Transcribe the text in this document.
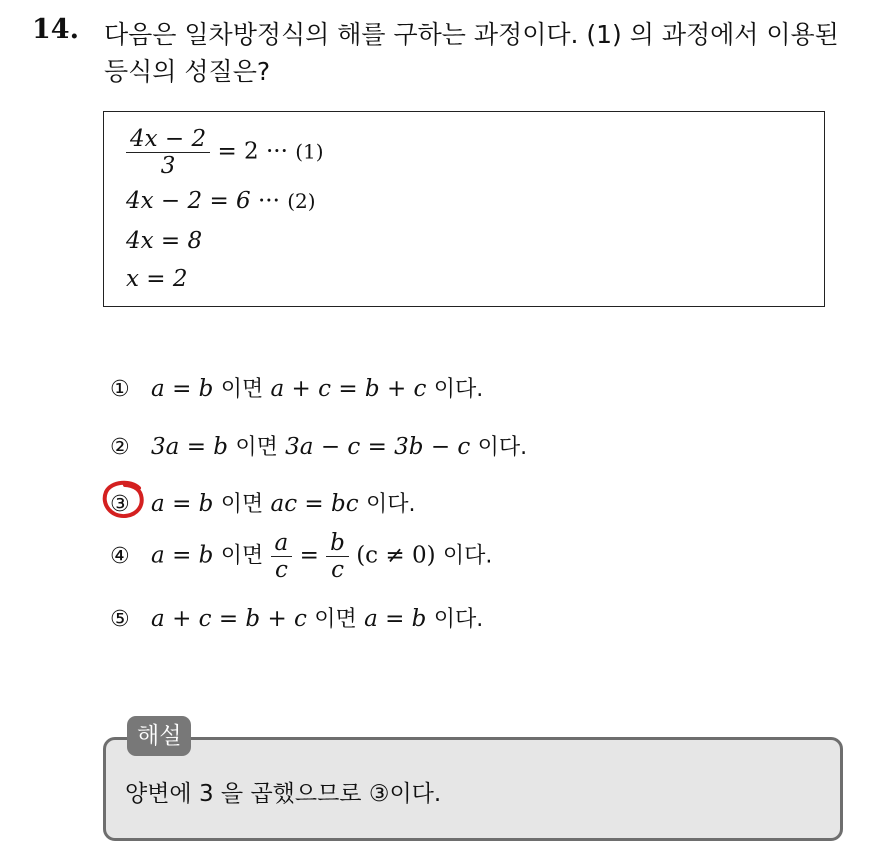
14. 다음은 일차방정식의 해를 구하는 과정이다. (1) 의 과정에서 이용된
등식의 성질은?
$\frac{4x - 2}{3} = 2$ ··· (1)
4x − 2 = 6 ··· (2)
4x = 8
x = 2
① a = b 이면 a + c = b + c 이다.
② 3a = b 이면 3a − c = 3b − c 이다.
③ a = b 이면 ac = bc 이다.
④ a = b 이면 $\frac{a}{c} = \frac{b}{c} (c \ne 0)$ 이다.
⑤ a + c = b + c 이면 a = b 이다.
해설
양변에 3 을 곱했으므로 ③이다.
